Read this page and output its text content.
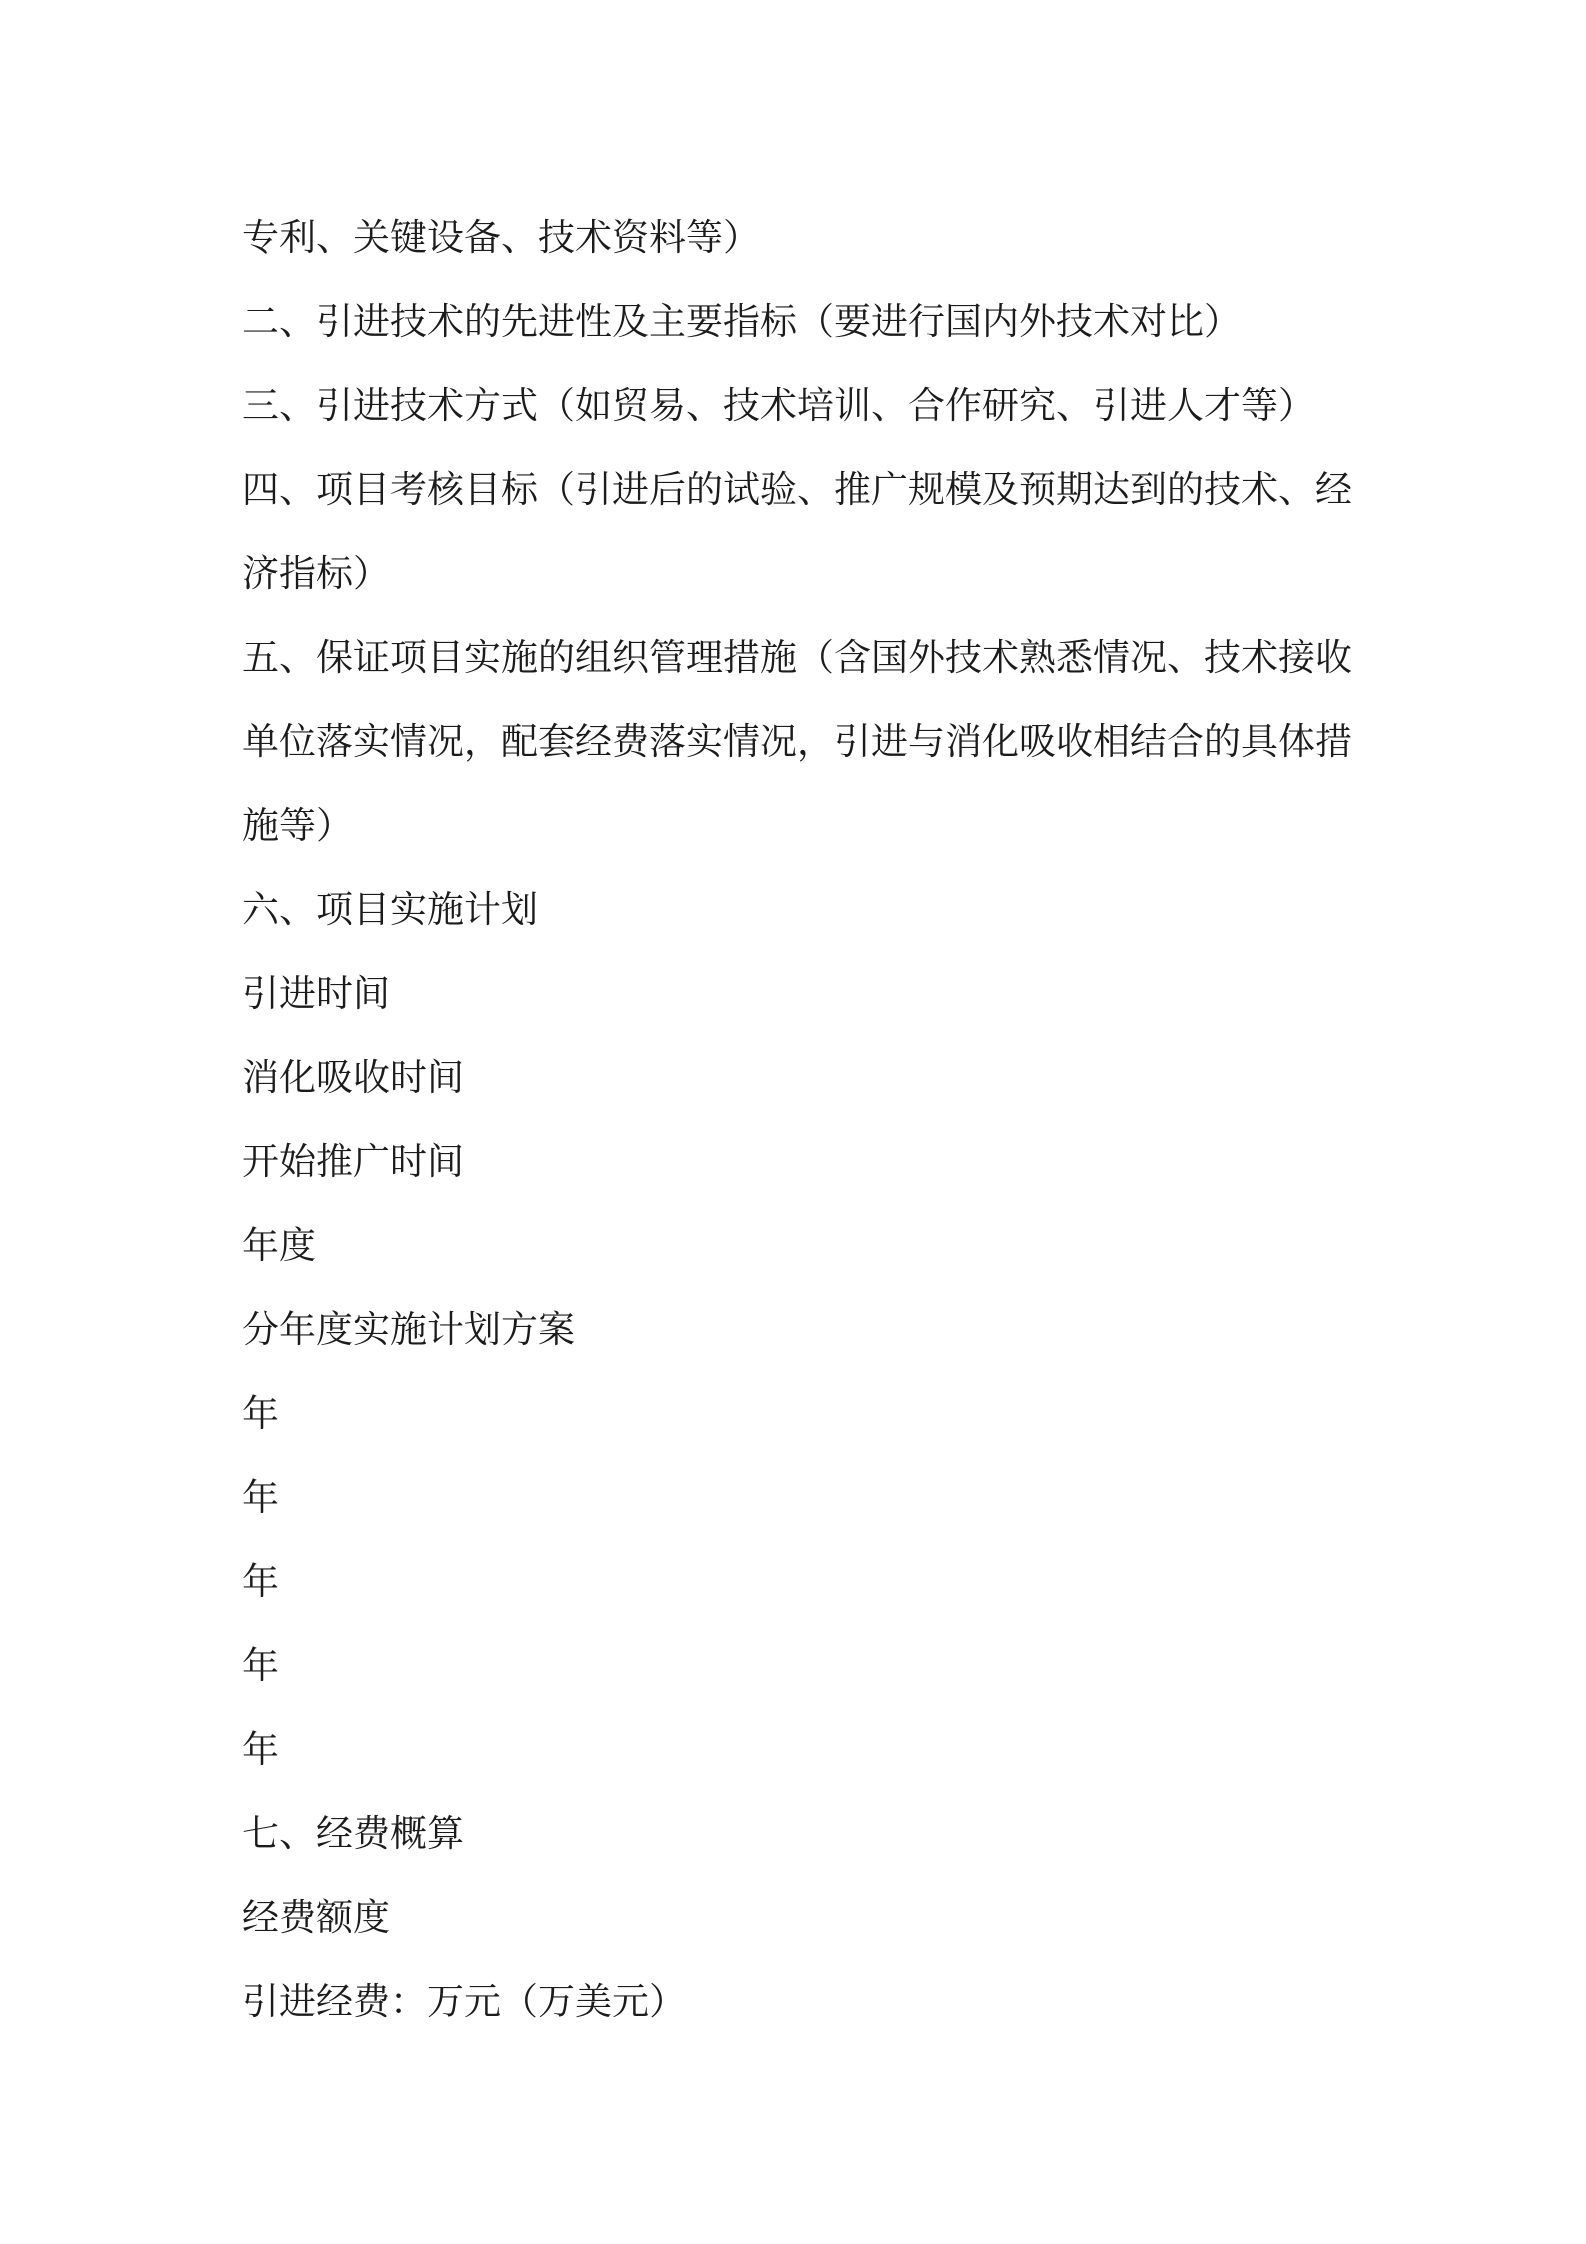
专利、关键设备、技术资料等）
二、引进技术的先进性及主要指标（要进行国内外技术对比）
三、引进技术方式（如贸易、技术培训、合作研究、引进人才等）
四、项目考核目标（引进后的试验、推广规模及预期达到的技术、经
济指标）
五、保证项目实施的组织管理措施（含国外技术熟悉情况、技术接收
单位落实情况，配套经费落实情况，引进与消化吸收相结合的具体措
施等）
六、项目实施计划
引进时间
消化吸收时间
开始推广时间
年度
分年度实施计划方案
年
年
年
年
年
七、经费概算
经费额度
引进经费：万元（万美元）
